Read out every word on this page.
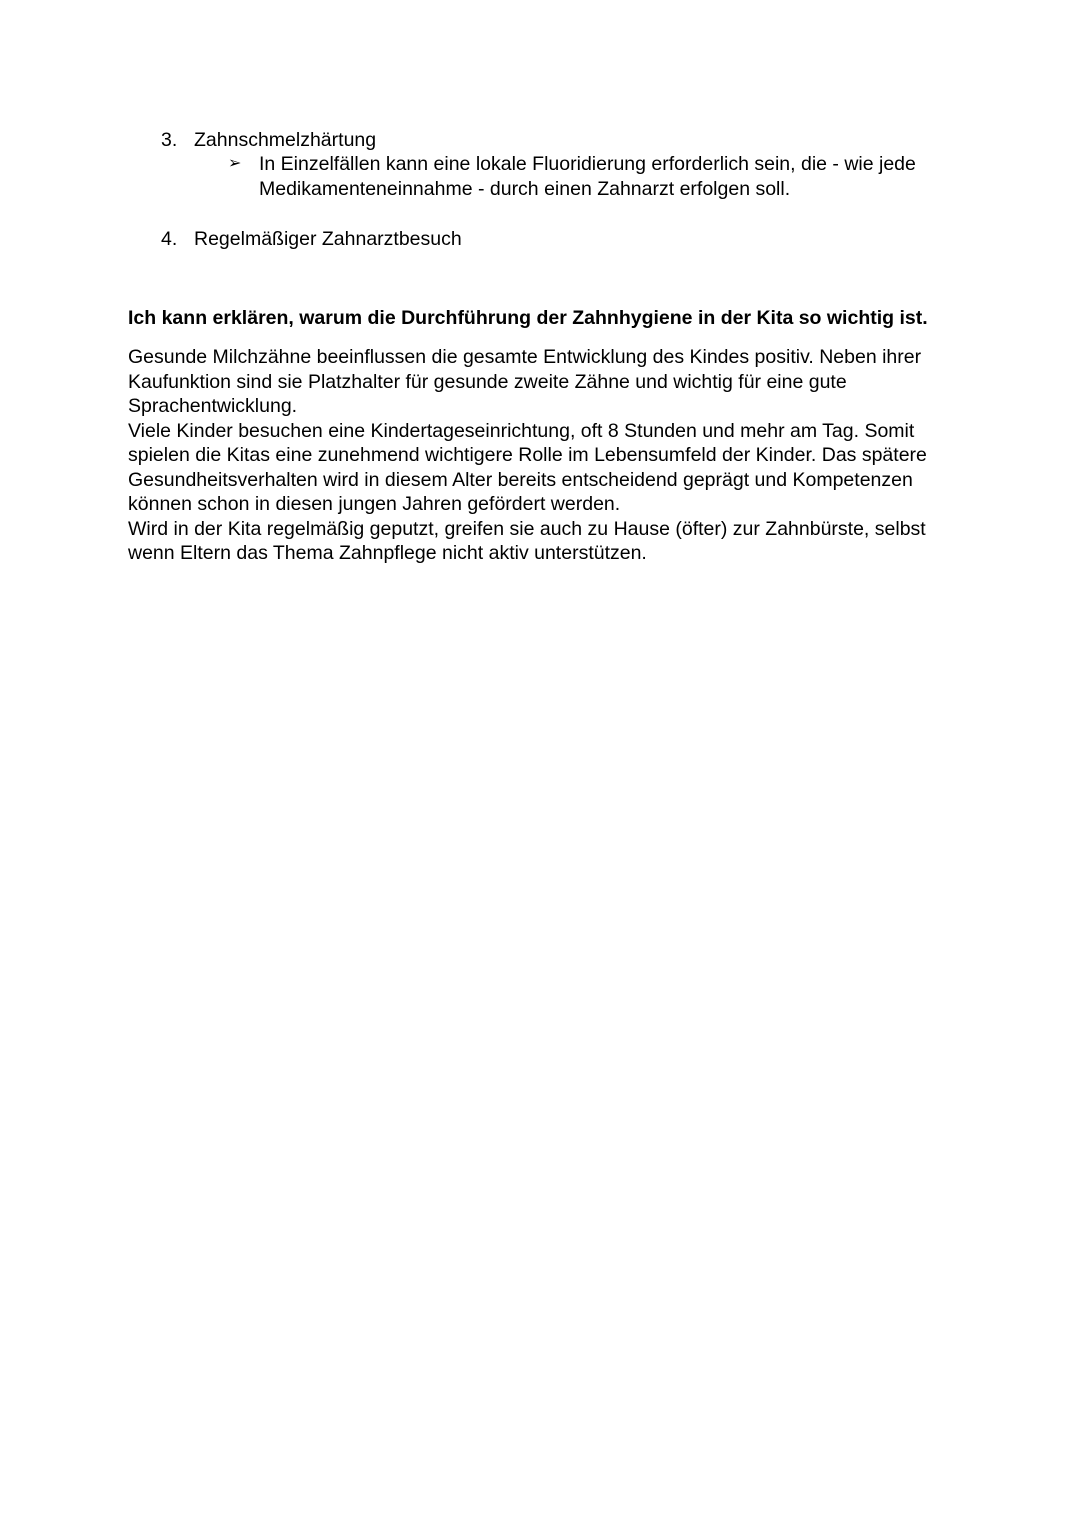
3. Zahnschmelzhärtung
➢ In Einzelfällen kann eine lokale Fluoridierung erforderlich sein, die - wie jede
Medikamenteneinnahme - durch einen Zahnarzt erfolgen soll.
4. Regelmäßiger Zahnarztbesuch
Ich kann erklären, warum die Durchführung der Zahnhygiene in der Kita so wichtig ist.
Gesunde Milchzähne beeinflussen die gesamte Entwicklung des Kindes positiv. Neben ihrer
Kaufunktion sind sie Platzhalter für gesunde zweite Zähne und wichtig für eine gute
Sprachentwicklung.
Viele Kinder besuchen eine Kindertageseinrichtung, oft 8 Stunden und mehr am Tag. Somit
spielen die Kitas eine zunehmend wichtigere Rolle im Lebensumfeld der Kinder. Das spätere
Gesundheitsverhalten wird in diesem Alter bereits entscheidend geprägt und Kompetenzen
können schon in diesen jungen Jahren gefördert werden.
Wird in der Kita regelmäßig geputzt, greifen sie auch zu Hause (öfter) zur Zahnbürste, selbst
wenn Eltern das Thema Zahnpflege nicht aktiv unterstützen.
